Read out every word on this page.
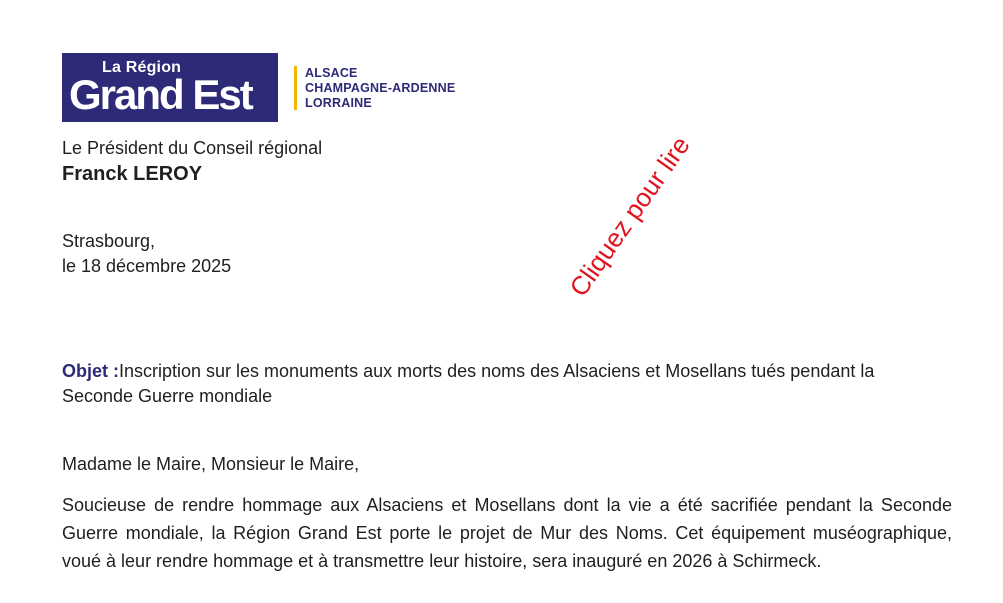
La Région
Grand Est	ALSACE
CHAMPAGNE-ARDENNE
LORRAINE
Le Président du Conseil régional
Franck LEROY
Strasbourg,
le 18 décembre 2025	Cliquez pour lire
Objet :Inscription sur les monuments aux morts des noms des Alsaciens et Mosellans tués pendant la
Seconde Guerre mondiale
Madame le Maire, Monsieur le Maire,
Soucieuse de rendre hommage aux Alsaciens et Mosellans dont la vie a été sacrifiée pendant la Seconde Guerre mondiale, la Région Grand Est porte le projet de Mur des Noms. Cet équipement muséographique, voué à leur rendre hommage et à transmettre leur histoire, sera inauguré en 2026 à Schirmeck.
